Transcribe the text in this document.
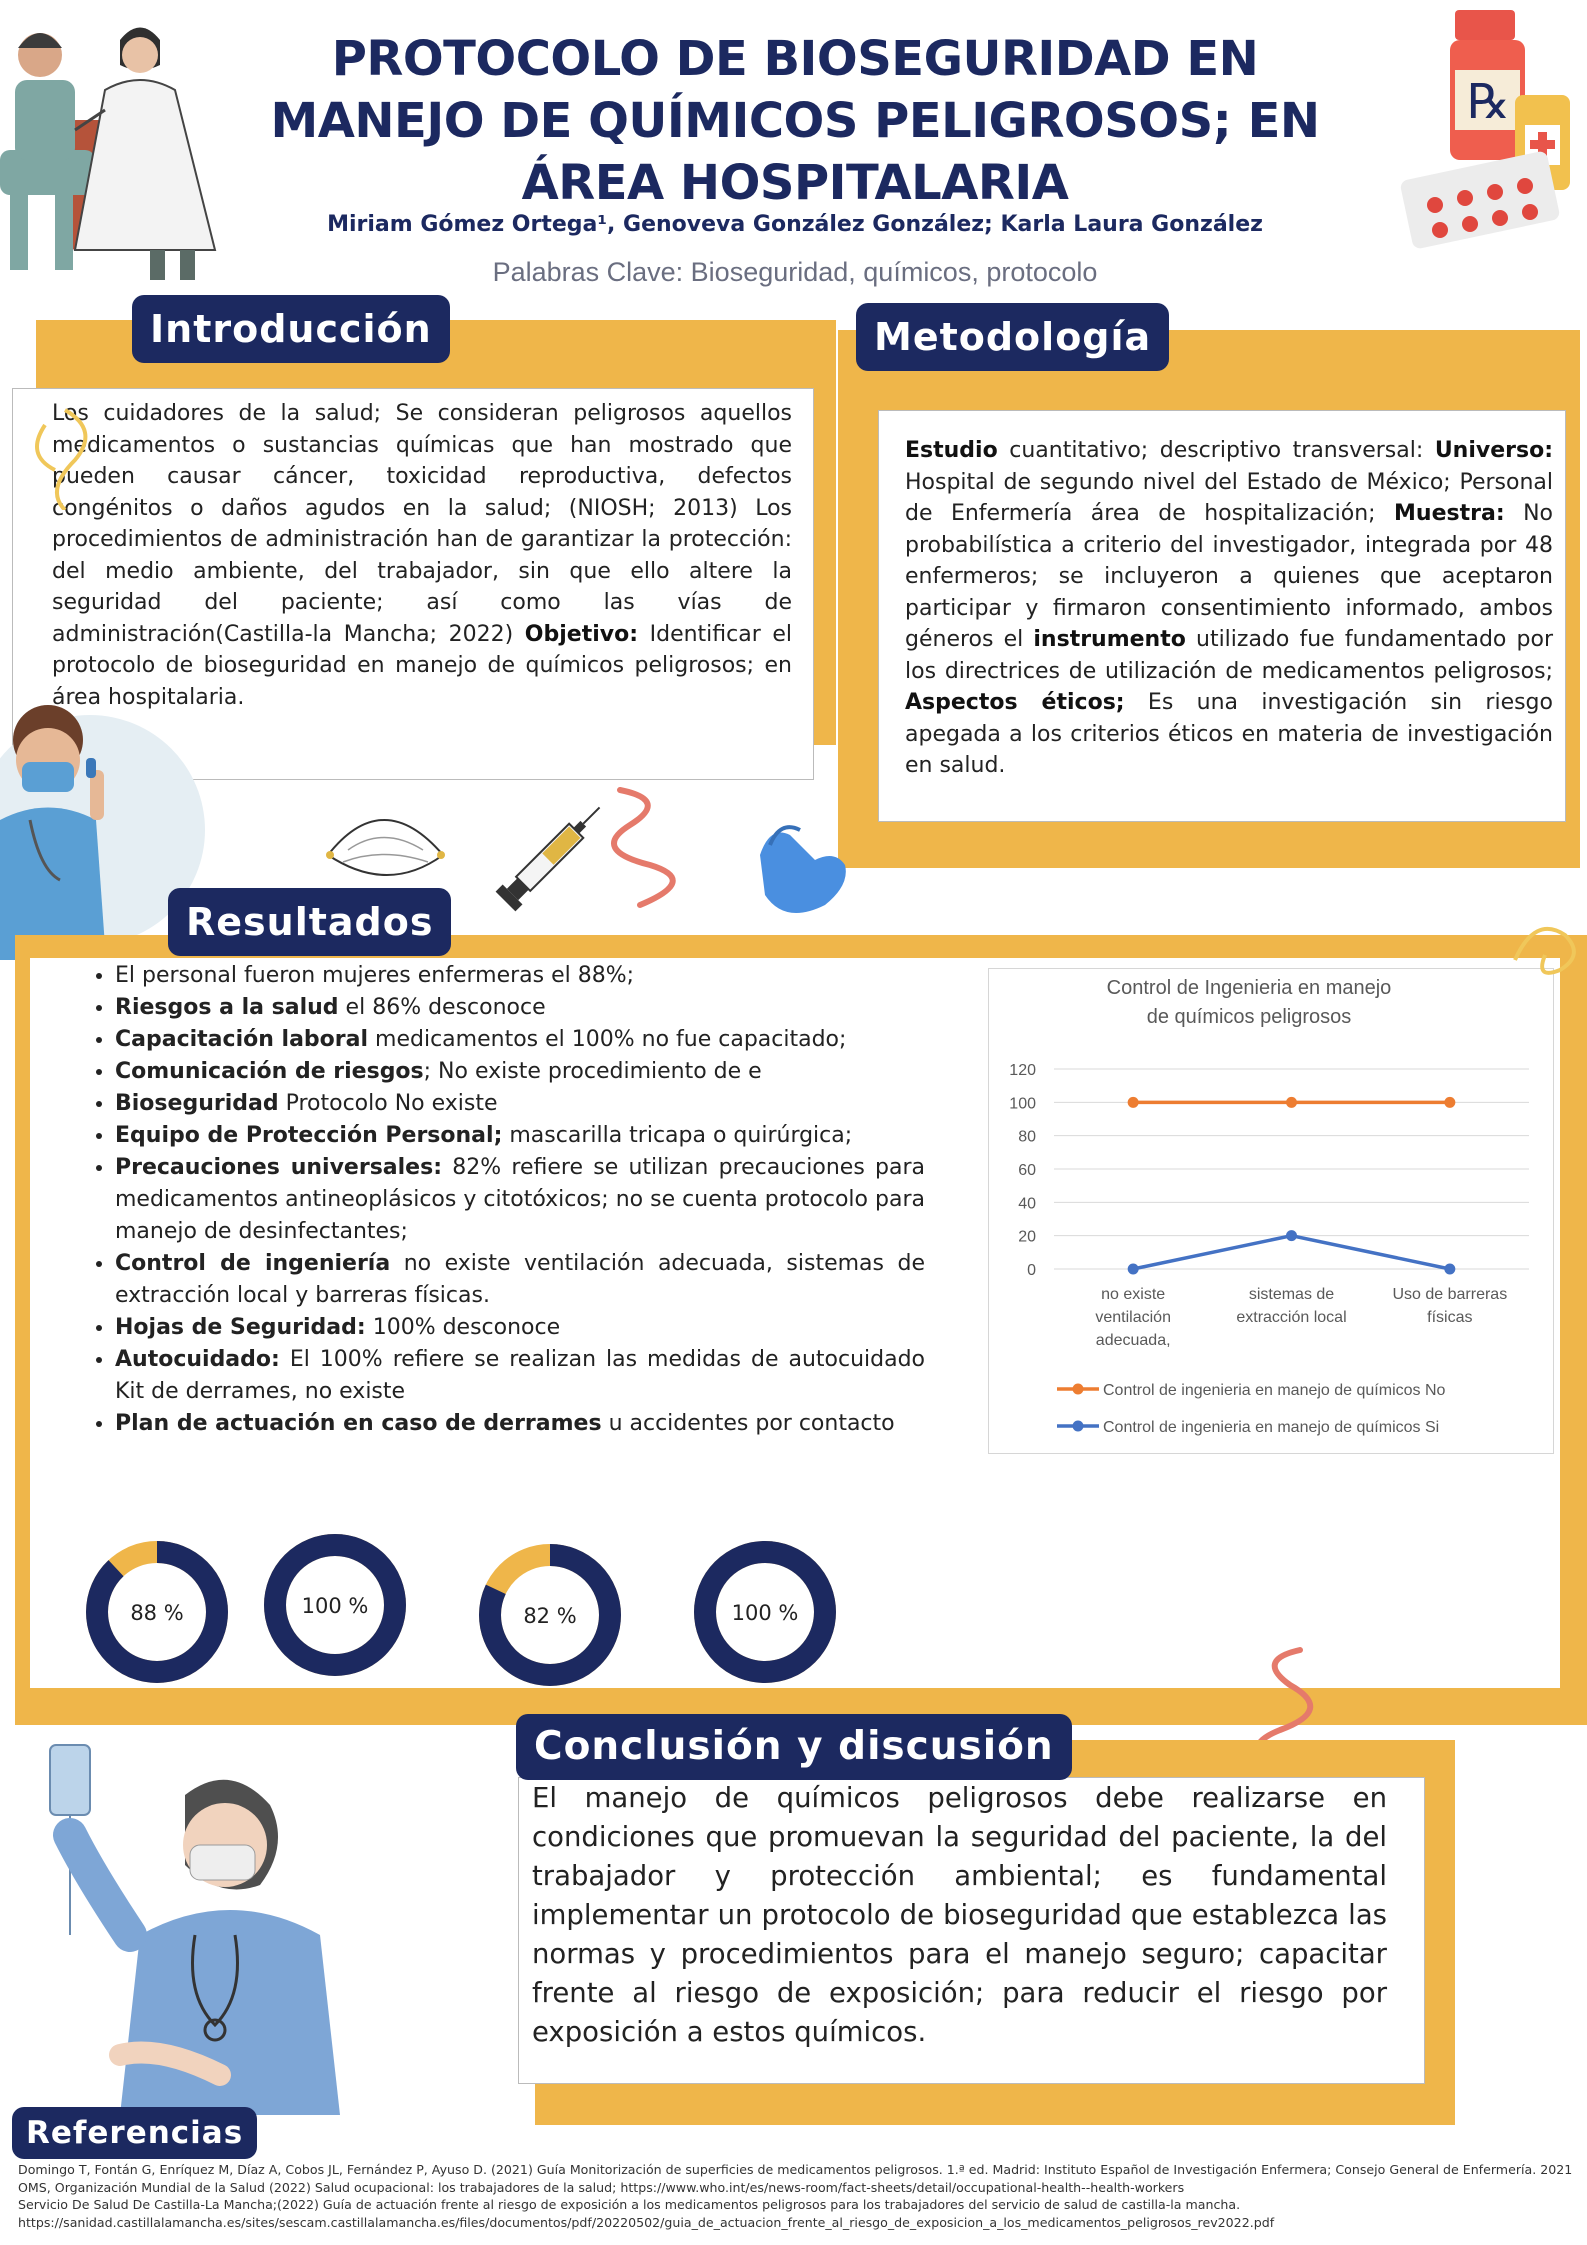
℞
PROTOCOLO DE BIOSEGURIDAD EN
MANEJO DE QUÍMICOS PELIGROSOS; EN
ÁREA HOSPITALARIA
Miriam Gómez Ortega¹, Genoveva González González; Karla Laura González
Palabras Clave: Bioseguridad, químicos, protocolo
Introducción
Los cuidadores de la salud; Se consideran peligrosos aquellos medicamentos o sustancias químicas que han mostrado que pueden causar cáncer, toxicidad reproductiva, defectos congénitos o daños agudos en la salud; (NIOSH; 2013) Los procedimientos de administración han de garantizar la protección: del medio ambiente, del trabajador, sin que ello altere la seguridad del paciente; así como las vías de administración(Castilla-la Mancha; 2022) Objetivo: Identificar el protocolo de bioseguridad en manejo de químicos peligrosos; en área hospitalaria.
Metodología
Estudio cuantitativo; descriptivo transversal: Universo: Hospital de segundo nivel del Estado de México; Personal de Enfermería área de hospitalización; Muestra: No probabilística a criterio del investigador, integrada por 48 enfermeros; se incluyeron a quienes que aceptaron participar y firmaron consentimiento informado, ambos géneros el instrumento utilizado fue fundamentado por los directrices de utilización de medicamentos peligrosos; Aspectos éticos; Es una investigación sin riesgo apegada a los criterios éticos en materia de investigación en salud.
Resultados
• El personal fueron mujeres enfermeras el 88%;
• Riesgos a la salud el 86% desconoce
• Capacitación laboral medicamentos el 100% no fue capacitado;
• Comunicación de riesgos; No existe procedimiento de e
• Bioseguridad Protocolo No existe
• Equipo de Protección Personal; mascarilla tricapa o quirúrgica;
• Precauciones universales: 82% refiere se utilizan precauciones para medicamentos antineoplásicos y citotóxicos; no se cuenta protocolo para manejo de desinfectantes;
• Control de ingeniería no existe ventilación adecuada, sistemas de extracción local y barreras físicas.
• Hojas de Seguridad: 100% desconoce
• Autocuidado: El 100% refiere se realizan las medidas de autocuidado Kit de derrames, no existe
• Plan de actuación en caso de derrames u accidentes por contacto
Control de Ingenieria en manejo de químicos peligrosos
0
20
40
60
80
100
120
no existe ventilación adecuada,
sistemas de extracción local
Uso de barreras físicas
Control de ingenieria en manejo de químicos No
Control de ingenieria en manejo de químicos Si
88 %	100 %	82 %	100 %
Conclusión y discusión
El manejo de químicos peligrosos debe realizarse en condiciones que promuevan la seguridad del paciente, la del trabajador y protección ambiental; es fundamental implementar un protocolo de bioseguridad que establezca las normas y procedimientos para el manejo seguro; capacitar frente al riesgo de exposición; para reducir el riesgo por exposición a estos químicos.
Referencias
Domingo T, Fontán G, Enríquez M, Díaz A, Cobos JL, Fernández P, Ayuso D. (2021) Guía Monitorización de superficies de medicamentos peligrosos. 1.ª ed. Madrid: Instituto Español de Investigación Enfermera; Consejo General de Enfermería. 2021
OMS, Organización Mundial de la Salud (2022) Salud ocupacional: los trabajadores de la salud; https://www.who.int/es/news-room/fact-sheets/detail/occupational-health--health-workers
Servicio De Salud De Castilla-La Mancha;(2022) Guía de actuación frente al riesgo de exposición a los medicamentos peligrosos para los trabajadores del servicio de salud de castilla-la mancha.
https://sanidad.castillalamancha.es/sites/sescam.castillalamancha.es/files/documentos/pdf/20220502/guia_de_actuacion_frente_al_riesgo_de_exposicion_a_los_medicamentos_peligrosos_rev2022.pdf
